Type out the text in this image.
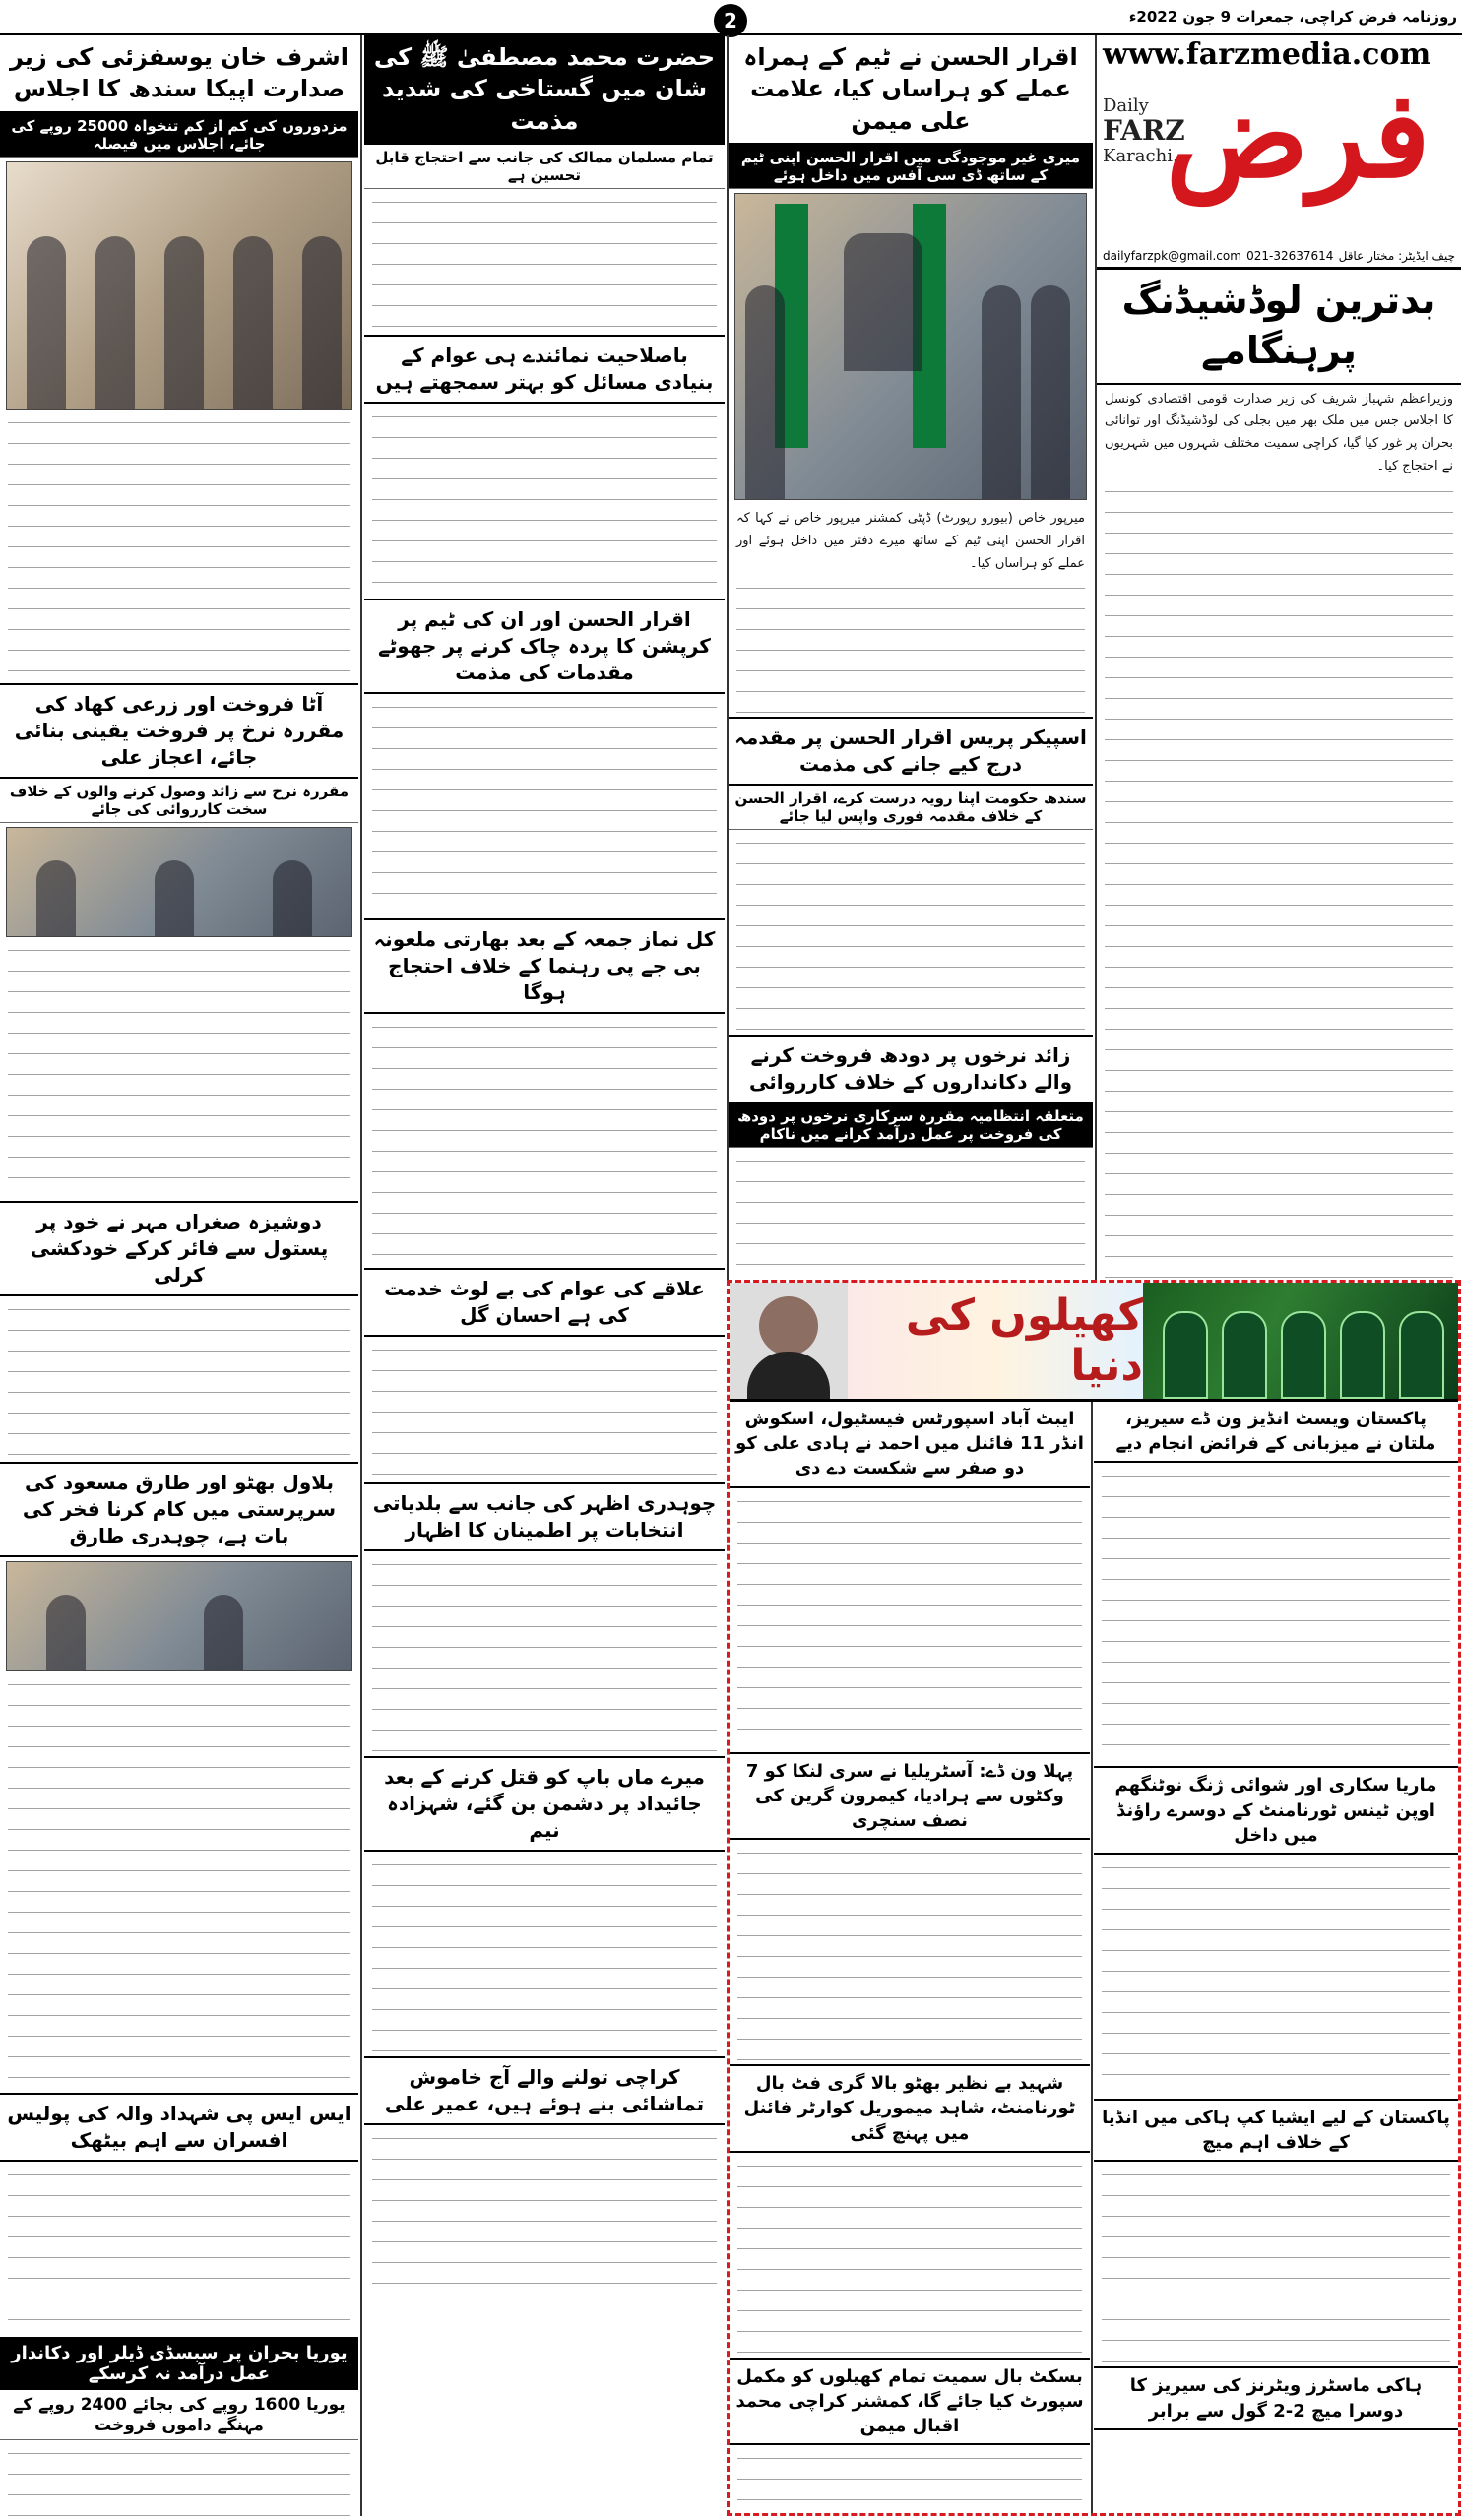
2	روزنامہ فرض کراچی، جمعرات 9 جون 2022ء
www.farzmedia.com
Daily
FARZ
Karachi.
فرض
dailyfarzpk@gmail.com 021-32637614 چیف ایڈیٹر: مختار عاقل
بدترین لوڈشیڈنگ پرہنگامے
وزیراعظم شہباز شریف کی زیر صدارت قومی اقتصادی کونسل کا اجلاس جس میں ملک بھر میں بجلی کی لوڈشیڈنگ اور توانائی بحران پر غور کیا گیا، کراچی سمیت مختلف شہروں میں شہریوں نے احتجاج کیا۔
اقرار الحسن نے ٹیم کے ہمراہ عملے کو ہراساں کیا، علامت علی میمن
میری غیر موجودگی میں اقرار الحسن اپنی ٹیم کے ساتھ ڈی سی آفس میں داخل ہوئے
میرپور خاص (بیورو رپورٹ) ڈپٹی کمشنر میرپور خاص نے کہا کہ اقرار الحسن اپنی ٹیم کے ساتھ میرے دفتر میں داخل ہوئے اور عملے کو ہراساں کیا۔
اسپیکر پریس اقرار الحسن پر مقدمہ درج کیے جانے کی مذمت
سندھ حکومت اپنا رویہ درست کرے، اقرار الحسن کے خلاف مقدمہ فوری واپس لیا جائے
زائد نرخوں پر دودھ فروخت کرنے والے دکانداروں کے خلاف کارروائی
متعلقہ انتظامیہ مقررہ سرکاری نرخوں پر دودھ کی فروخت پر عمل درآمد کرانے میں ناکام
حضرت محمد مصطفیٰ ﷺ کی شان میں گستاخی کی شدید مذمت
تمام مسلمان ممالک کی جانب سے احتجاج قابل تحسین ہے
باصلاحیت نمائندے ہی عوام کے بنیادی مسائل کو بہتر سمجھتے ہیں
اقرار الحسن اور ان کی ٹیم پر کرپشن کا پردہ چاک کرنے پر جھوٹے مقدمات کی مذمت
کل نماز جمعہ کے بعد بھارتی ملعونہ بی جے پی رہنما کے خلاف احتجاج ہوگا
علاقے کی عوام کی بے لوث خدمت کی ہے احسان گل
چوہدری اظہر کی جانب سے بلدیاتی انتخابات پر اطمینان کا اظہار
میرے ماں باپ کو قتل کرنے کے بعد جائیداد پر دشمن بن گئے، شہزادہ نیم
کراچی تولنے والے آج خاموش تماشائی بنے ہوئے ہیں، عمیر علی
اشرف خان یوسفزئی کی زیر صدارت اپیکا سندھ کا اجلاس
مزدوروں کی کم از کم تنخواہ 25000 روپے کی جائے، اجلاس میں فیصلہ
آٹا فروخت اور زرعی کھاد کی مقررہ نرخ پر فروخت یقینی بنائی جائے، اعجاز علی
مقررہ نرخ سے زائد وصول کرنے والوں کے خلاف سخت کارروائی کی جائے
دوشیزہ صغراں مہر نے خود پر پستول سے فائر کرکے خودکشی کرلی
بلاول بھٹو اور طارق مسعود کی سرپرستی میں کام کرنا فخر کی بات ہے، چوہدری طارق
ایس ایس پی شہداد والہ کی پولیس افسران سے اہم بیٹھک
یوریا بحران پر سبسڈی ڈیلر اور دکاندار عمل درآمد نہ کرسکے
یوریا 1600 روپے کی بجائے 2400 روپے کے مہنگے داموں فروخت
کھیلوں کی دنیا
پاکستان ویسٹ انڈیز ون ڈے سیریز، ملتان نے میزبانی کے فرائض انجام دیے
ماریا سکاری اور شوائی ژنگ نوٹنگھم اوپن ٹینس ٹورنامنٹ کے دوسرے راؤنڈ میں داخل
پاکستان کے لیے ایشیا کپ ہاکی میں انڈیا کے خلاف اہم میچ
ہاکی ماسٹرز ویٹرنز کی سیریز کا دوسرا میچ 2-2 گول سے برابر
ایبٹ آباد اسپورٹس فیسٹیول، اسکوش انڈر 11 فائنل میں احمد نے ہادی علی کو دو صفر سے شکست دے دی
پہلا ون ڈے: آسٹریلیا نے سری لنکا کو 7 وکٹوں سے ہرادیا، کیمرون گرین کی نصف سنچری
شہید بے نظیر بھٹو بالا گری فٹ بال ٹورنامنٹ، شاہد میموریل کوارٹر فائنل میں پہنچ گئی
بسکٹ بال سمیت تمام کھیلوں کو مکمل سپورٹ کیا جائے گا، کمشنر کراچی محمد اقبال میمن
